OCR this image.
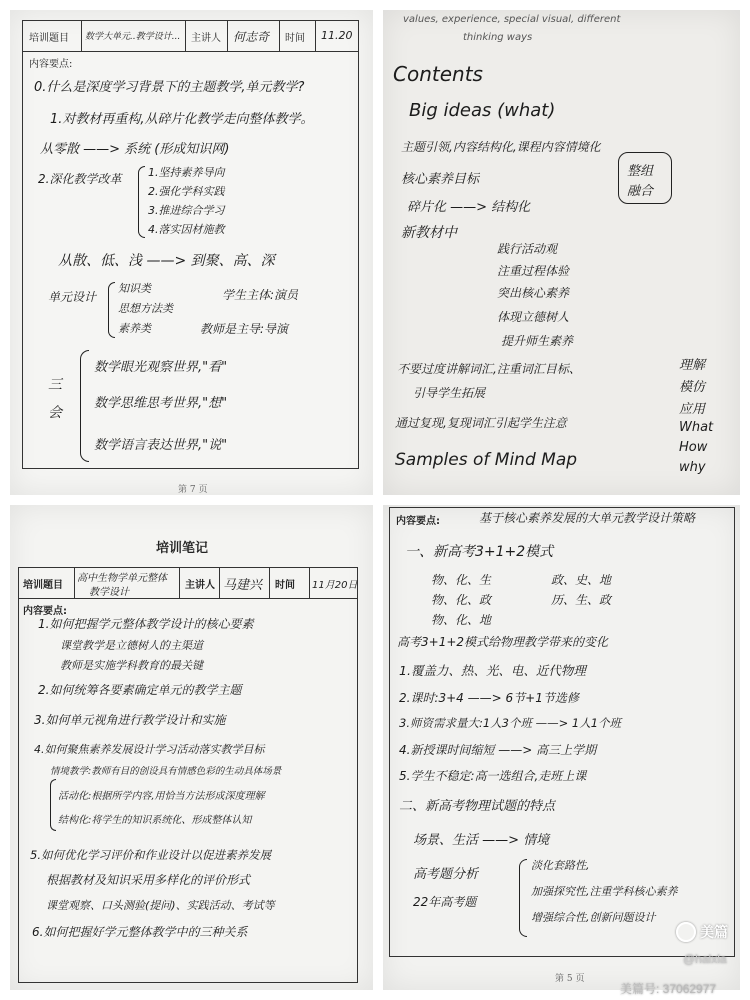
培训题目 数学大单元..教学设计... 主讲人 何志奇 时间 11.20
内容要点:
0.什么是深度学习背景下的主题教学,单元教学?
1.对教材再重构,从碎片化教学走向整体教学。
从零散 ——> 系统 (形成知识网)
2.深化教学改革 1.坚持素养导向
2.强化学科实践
3.推进综合学习
4.落实因材施教
从散、低、浅 ——> 到聚、高、深
单元设计
知识类
思想方法类
素养类
学生主体:演员
教师是主导:导演
三
会
数学眼光观察世界,"看"
数学思维思考世界,"想"
数学语言表达世界,"说"
第 7 页
values, experience, special visual, different
thinking ways
Contents
Big ideas (what)
主题引领,内容结构化,课程内容情境化
核心素养目标
碎片化 ——> 结构化
整组
融合
新教材中
践行活动观
注重过程体验
突出核心素养
体现立德树人
提升师生素养
不要过度讲解词汇,注重词汇目标、
引导学生拓展
理解
模仿
应用
What
How
why
通过复现,复现词汇引起学生注意
Samples of Mind Map
培训笔记
培训题目
高中生物学单元整体
教学设计
主讲人 马建兴 时间 11月20日
内容要点:
1.如何把握学元整体教学设计的核心要素
课堂教学是立德树人的主渠道
教师是实施学科教育的最关键
2.如何统筹各要素确定单元的教学主题
3.如何单元视角进行教学设计和实施
4.如何聚焦素养发展设计学习活动落实教学目标
情境教学:教师有目的创设具有情感色彩的生动具体场景
活动化:根据所学内容,用恰当方法形成深度理解
结构化:将学生的知识系统化、形成整体认知
5.如何优化学习评价和作业设计以促进素养发展
根据教材及知识采用多样化的评价形式
课堂观察、口头测验(提问)、实践活动、考试等
6.如何把握好学元整体教学中的三种关系
内容要点:	基于核心素养发展的大单元教学设计策略
一、新高考3+1+2模式
物、化、生	政、史、地
物、化、政	历、生、政
物、化、地
高考3+1+2模式给物理教学带来的变化
1.覆盖力、热、光、电、近代物理
2.课时:3+4 ——> 6节+1节选修
3.师资需求量大:1人3个班 ——> 1人1个班
4.新授课时间缩短 ——> 高三上学期
5.学生不稳定:高一选组合,走班上课
二、新高考物理试题的特点
场景、生活 ——> 情境
高考题分析
22年高考题
淡化套路性,
加强探究性,注重学科核心素养
增强综合性,创新问题设计
第 5 页
美篇
@halxla
美篇号: 37062977
